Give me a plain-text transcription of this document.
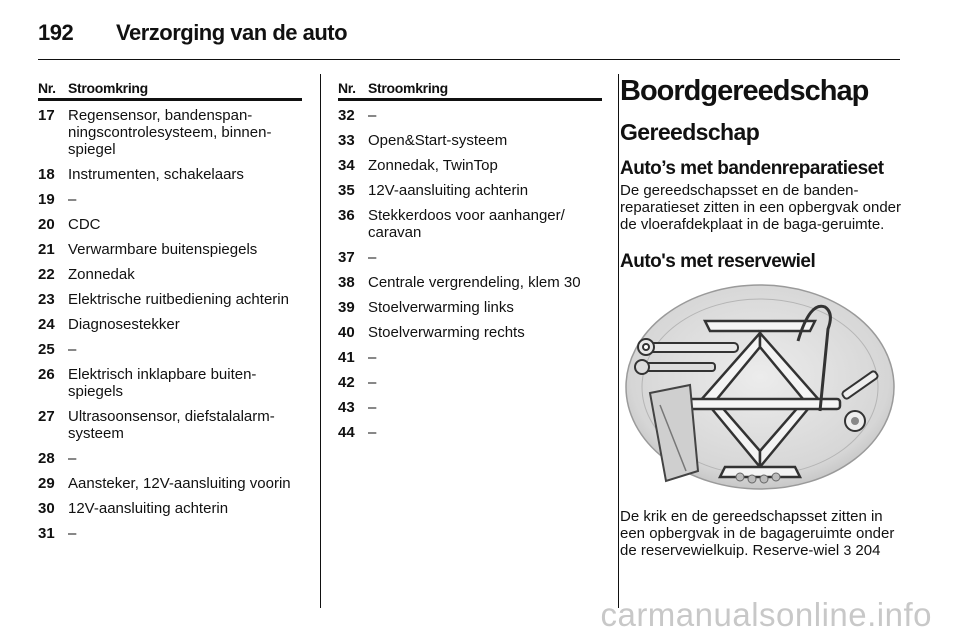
192	Verzorging van de auto
Nr. Stroomkring
17 Regensensor, bandenspan-ningscontrolesysteem, binnen-spiegel
18 Instrumenten, schakelaars
19 –
20 CDC
21 Verwarmbare buitenspiegels
22 Zonnedak
23 Elektrische ruitbediening achterin
24 Diagnosestekker
25 –
26 Elektrisch inklapbare buiten-spiegels
27 Ultrasoonsensor, diefstalalarm-systeem
28 –
29 Aansteker, 12V-aansluiting voorin
30 12V-aansluiting achterin
31 –
Nr. Stroomkring
32 –
33 Open&Start-systeem
34 Zonnedak, TwinTop
35 12V-aansluiting achterin
36 Stekkerdoos voor aanhanger/ caravan
37 –
38 Centrale vergrendeling, klem 30
39 Stoelverwarming links
40 Stoelverwarming rechts
41 –
42 –
43 –
44 –
Boordgereedschap
Gereedschap
Auto’s met bandenreparatieset

De gereedschapsset en de banden-reparatieset zitten in een opbergvak onder de vloerafdekplaat in de baga-geruimte.

Auto's met reservewiel

De krik en de gereedschapsset zitten in een opbergvak in de bagageruimte onder de reservewielkuip. Reserve-wiel 3 204

carmanualsonline.info
